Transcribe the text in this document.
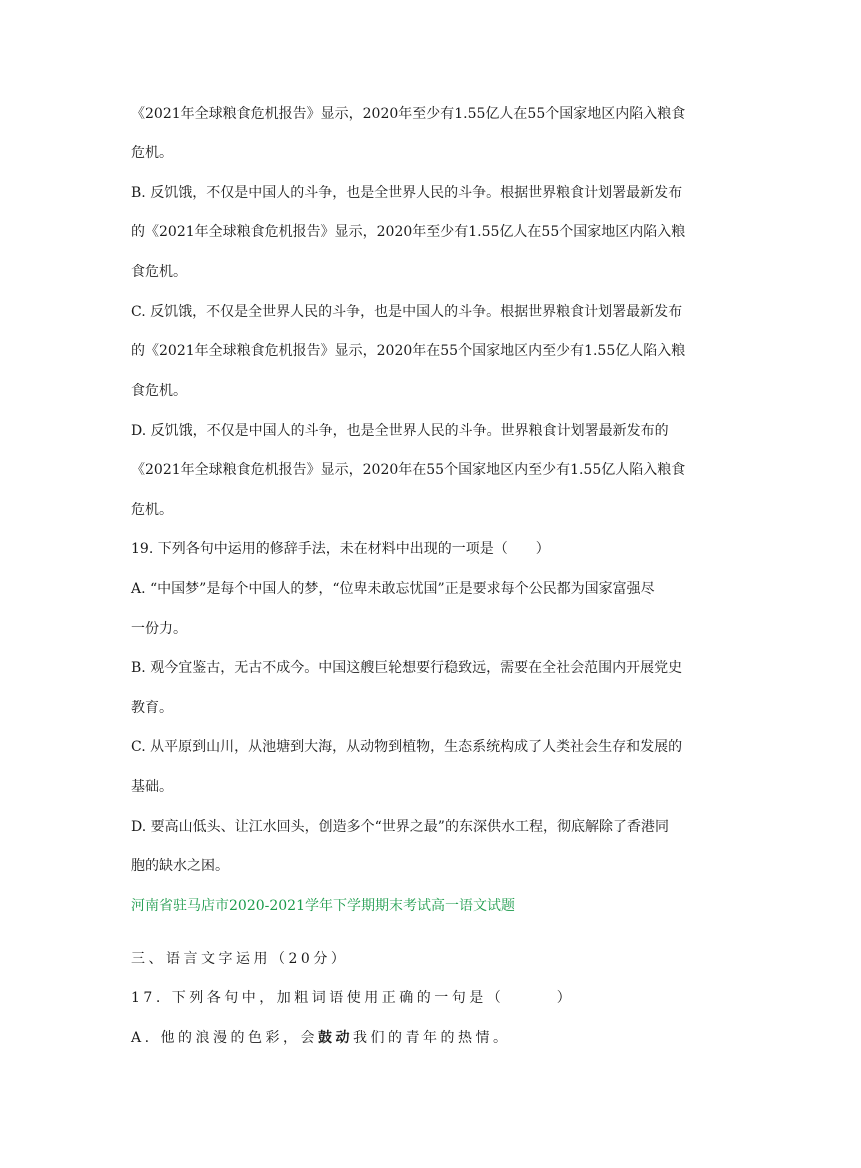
《2021年全球粮食危机报告》显示，2020年至少有1.55亿人在55个国家地区内陷入粮食

危机。

B. 反饥饿，不仅是中国人的斗争，也是全世界人民的斗争。根据世界粮食计划署最新发布

的《2021年全球粮食危机报告》显示，2020年至少有1.55亿人在55个国家地区内陷入粮

食危机。

C. 反饥饿，不仅是全世界人民的斗争，也是中国人的斗争。根据世界粮食计划署最新发布

的《2021年全球粮食危机报告》显示，2020年在55个国家地区内至少有1.55亿人陷入粮

食危机。

D. 反饥饿，不仅是中国人的斗争，也是全世界人民的斗争。世界粮食计划署最新发布的

《2021年全球粮食危机报告》显示，2020年在55个国家地区内至少有1.55亿人陷入粮食

危机。

19. 下列各句中运用的修辞手法，未在材料中出现的一项是（　　）

A. “中国梦”是每个中国人的梦，“位卑未敢忘忧国”正是要求每个公民都为国家富强尽

一份力。

B. 观今宜鉴古，无古不成今。中国这艘巨轮想要行稳致远，需要在全社会范围内开展党史

教育。

C. 从平原到山川，从池塘到大海，从动物到植物，生态系统构成了人类社会生存和发展的

基础。

D. 要高山低头、让江水回头，创造多个“世界之最”的东深供水工程，彻底解除了香港同

胞的缺水之困。

河南省驻马店市2020-2021学年下学期期末考试高一语文试题

三、语言文字运用（20分）

17. 下列各句中，加粗词语使用正确的一句是（　　　）

A. 他的浪漫的色彩，会鼓动我们的青年的热情。
